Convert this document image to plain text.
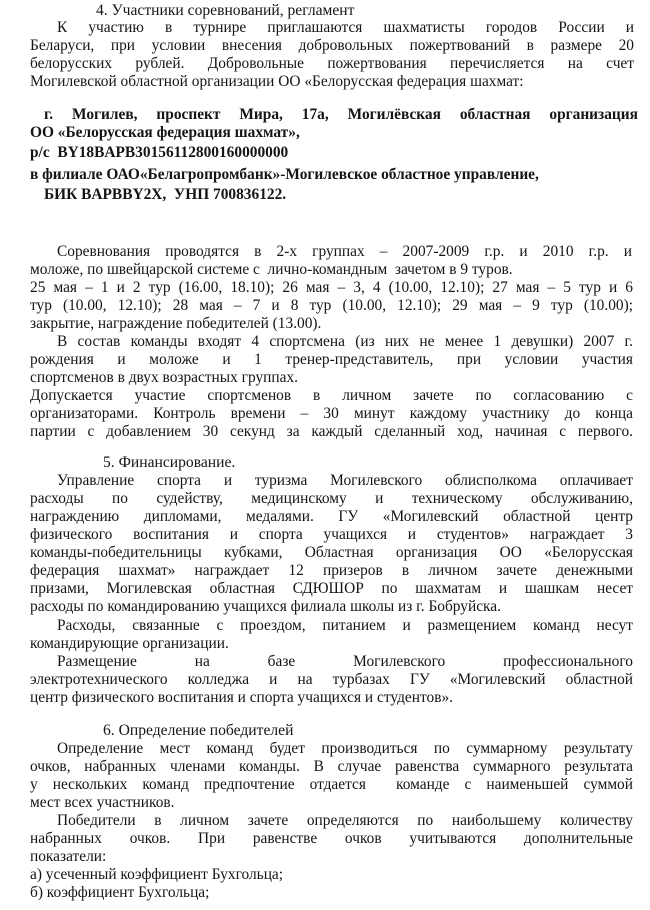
4. Участники соревнований, регламент
К участию в турнире приглашаются шахматисты городов России и
Беларуси, при условии внесения добровольных пожертвований в размере 20
белорусских рублей. Добровольные пожертвования перечисляется на счет
Могилевской областной организации ОО «Белорусская федерация шахмат:
г. Могилев, проспект Мира, 17а, Могилёвская областная организация
ОО «Белорусская федерация шахмат»,
р/с  BY18BAPB30156112800160000000
в филиале ОАО«Белагропромбанк»-Могилевское областное управление,
БИК BAPBBY2X,  УНП 700836122.
Соревнования проводятся в 2-х группах – 2007-2009 г.р. и 2010 г.р. и
моложе, по швейцарской системе с  лично-командным  зачетом в 9 туров.
25 мая – 1 и 2 тур (16.00, 18.10); 26 мая – 3, 4 (10.00, 12.10); 27 мая – 5 тур и 6
тур (10.00, 12.10); 28 мая – 7 и 8 тур (10.00, 12.10); 29 мая – 9 тур (10.00);
закрытие, награждение победителей (13.00).
В состав команды входят 4 спортсмена (из них не менее 1 девушки) 2007 г.
рождения и моложе и 1 тренер-представитель, при условии участия
спортсменов в двух возрастных группах.
Допускается участие спортсменов в личном зачете по согласованию с
организаторами. Контроль времени – 30 минут каждому участнику до конца
партии с добавлением 30 секунд за каждый сделанный ход, начиная с первого.
5. Финансирование.
Управление спорта и туризма Могилевского облисполкома оплачивает
расходы по судейству, медицинскому и техническому обслуживанию,
награждению дипломами, медалями. ГУ «Могилевский областной центр
физического воспитания и спорта учащихся и студентов» награждает 3
команды-победительницы кубками, Областная организация ОО «Белорусская
федерация шахмат» награждает 12 призеров в личном зачете денежными
призами, Могилевская областная СДЮШОР по шахматам и шашкам несет
расходы по командированию учащихся филиала школы из г. Бобруйска.
Расходы, связанные с проездом, питанием и размещением команд несут
командирующие организации.
Размещение на базе Могилевского профессионального
электротехнического колледжа и на турбазах ГУ «Могилевский областной
центр физического воспитания и спорта учащихся и студентов».
6. Определение победителей
Определение мест команд будет производиться по суммарному результату
очков, набранных членами команды. В случае равенства суммарного результата
у нескольких команд предпочтение отдается  команде с наименьшей суммой
мест всех участников.
Победители в личном зачете определяются по наибольшему количеству
набранных очков. При равенстве очков учитываются дополнительные
показатели:
а) усеченный коэффициент Бухгольца;
б) коэффициент Бухгольца;
